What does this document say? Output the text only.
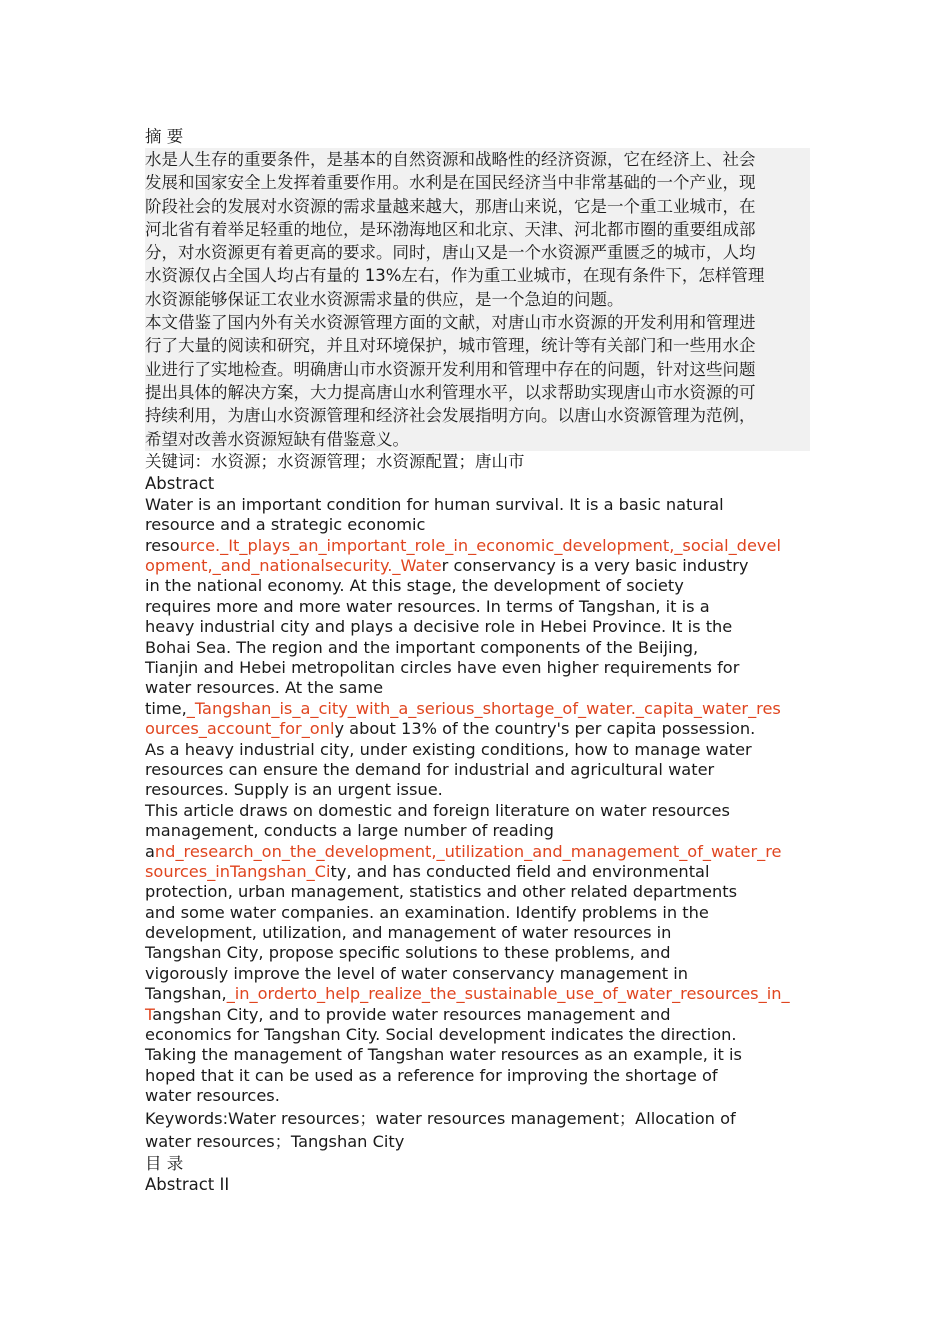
摘 要
水是人生存的重要条件，是基本的自然资源和战略性的经济资源，它在经济上、社会
发展和国家安全上发挥着重要作用。水利是在国民经济当中非常基础的一个产业，现
阶段社会的发展对水资源的需求量越来越大，那唐山来说，它是一个重工业城市，在
河北省有着举足轻重的地位，是环渤海地区和北京、天津、河北都市圈的重要组成部
分，对水资源更有着更高的要求。同时，唐山又是一个水资源严重匮乏的城市，人均
水资源仅占全国人均占有量的 13%左右，作为重工业城市，在现有条件下，怎样管理
水资源能够保证工农业水资源需求量的供应，是一个急迫的问题。
本文借鉴了国内外有关水资源管理方面的文献，对唐山市水资源的开发利用和管理进
行了大量的阅读和研究，并且对环境保护，城市管理，统计等有关部门和一些用水企
业进行了实地检查。明确唐山市水资源开发利用和管理中存在的问题，针对这些问题
提出具体的解决方案，大力提高唐山水利管理水平，以求帮助实现唐山市水资源的可
持续利用，为唐山水资源管理和经济社会发展指明方向。以唐山水资源管理为范例，
希望对改善水资源短缺有借鉴意义。
关键词：水资源；水资源管理；水资源配置；唐山市
Abstract
Water is an important condition for human survival. It is a basic natural
resource and a strategic economic
resource._It_plays_an_important_role_in_economic_development,_social_devel
opment,_and_nationalsecurity._Water conservancy is a very basic industry
in the national economy. At this stage, the development of society
requires more and more water resources. In terms of Tangshan, it is a
heavy industrial city and plays a decisive role in Hebei Province. It is the
Bohai Sea. The region and the important components of the Beijing,
Tianjin and Hebei metropolitan circles have even higher requirements for
water resources. At the same
time,_Tangshan_is_a_city_with_a_serious_shortage_of_water._capita_water_res
ources_account_for_only about 13% of the country's per capita possession.
As a heavy industrial city, under existing conditions, how to manage water
resources can ensure the demand for industrial and agricultural water
resources. Supply is an urgent issue.
This article draws on domestic and foreign literature on water resources
management, conducts a large number of reading
and_research_on_the_development,_utilization_and_management_of_water_re
sources_inTangshan_City, and has conducted field and environmental
protection, urban management, statistics and other related departments
and some water companies. an examination. Identify problems in the
development, utilization, and management of water resources in
Tangshan City, propose specific solutions to these problems, and
vigorously improve the level of water conservancy management in
Tangshan,_in_orderto_help_realize_the_sustainable_use_of_water_resources_in_
Tangshan City, and to provide water resources management and
economics for Tangshan City. Social development indicates the direction.
Taking the management of Tangshan water resources as an example, it is
hoped that it can be used as a reference for improving the shortage of
water resources.
Keywords:Water resources；water resources management；Allocation of
water resources；Tangshan City
目 录
Abstract II
